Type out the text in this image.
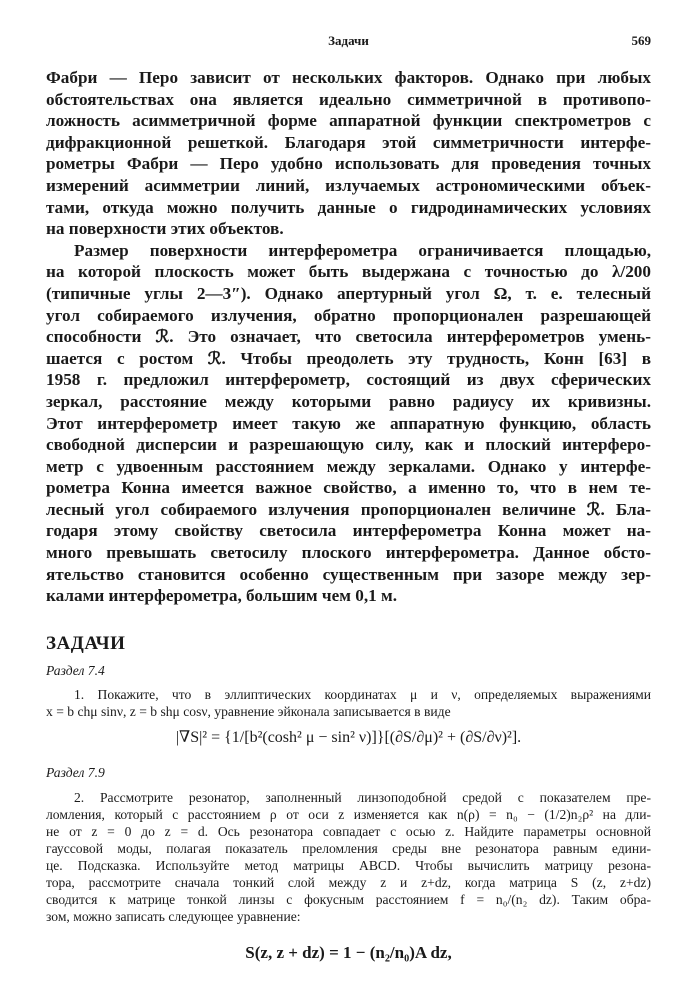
Задачи	569

Фабри — Перо зависит от нескольких факторов. Однако при любых
обстоятельствах она является идеально симметричной в противопо-
ложность асимметричной форме аппаратной функции спектрометров с
дифракционной решеткой. Благодаря этой симметричности интерфе-
рометры Фабри — Перо удобно использовать для проведения точных
измерений асимметрии линий, излучаемых астрономическими объек-
тами, откуда можно получить данные о гидродинамических условиях
на поверхности этих объектов.

Размер поверхности интерферометра ограничивается площадью,
на которой плоскость может быть выдержана с точностью до λ/200
(типичные углы 2—3″). Однако апертурный угол Ω, т. е. телесный
угол собираемого излучения, обратно пропорционален разрешающей
способности ℛ. Это означает, что светосила интерферометров умень-
шается с ростом ℛ. Чтобы преодолеть эту трудность, Конн [63] в
1958 г. предложил интерферометр, состоящий из двух сферических
зеркал, расстояние между которыми равно радиусу их кривизны.
Этот интерферометр имеет такую же аппаратную функцию, область
свободной дисперсии и разрешающую силу, как и плоский интерферо-
метр с удвоенным расстоянием между зеркалами. Однако у интерфе-
рометра Конна имеется важное свойство, а именно то, что в нем те-
лесный угол собираемого излучения пропорционален величине ℛ. Бла-
годаря этому свойству светосила интерферометра Конна может на-
много превышать светосилу плоского интерферометра. Данное обсто-
ятельство становится особенно существенным при зазоре между зер-
калами интерферометра, большим чем 0,1 м.

ЗАДАЧИ
Раздел 7.4
1. Покажите, что в эллиптических координатах μ и ν, определяемых выражениями
x = b chμ sinν, z = b shμ cosν, уравнение эйконала записывается в виде
|∇S|² = {1/[b²(cosh² μ − sin² ν)]}[(∂S/∂μ)² + (∂S/∂ν)²].
Раздел 7.9
2. Рассмотрите резонатор, заполненный линзоподобной средой с показателем пре-
ломления, который с расстоянием ρ от оси z изменяется как n(ρ) = n₀ − (1/2)n₂ρ² на дли-
не от z = 0 до z = d. Ось резонатора совпадает с осью z. Найдите параметры основной
гауссовой моды, полагая показатель преломления среды вне резонатора равным едини-
це. Подсказка. Используйте метод матрицы ABCD. Чтобы вычислить матрицу резона-
тора, рассмотрите сначала тонкий слой между z и z+dz, когда матрица S (z, z+dz)
сводится к матрице тонкой линзы с фокусным расстоянием f = n₀/(n₂ dz). Таким обра-
зом, можно записать следующее уравнение:
S(z, z + dz) = 1 − (n₂/n₀)A dz,
